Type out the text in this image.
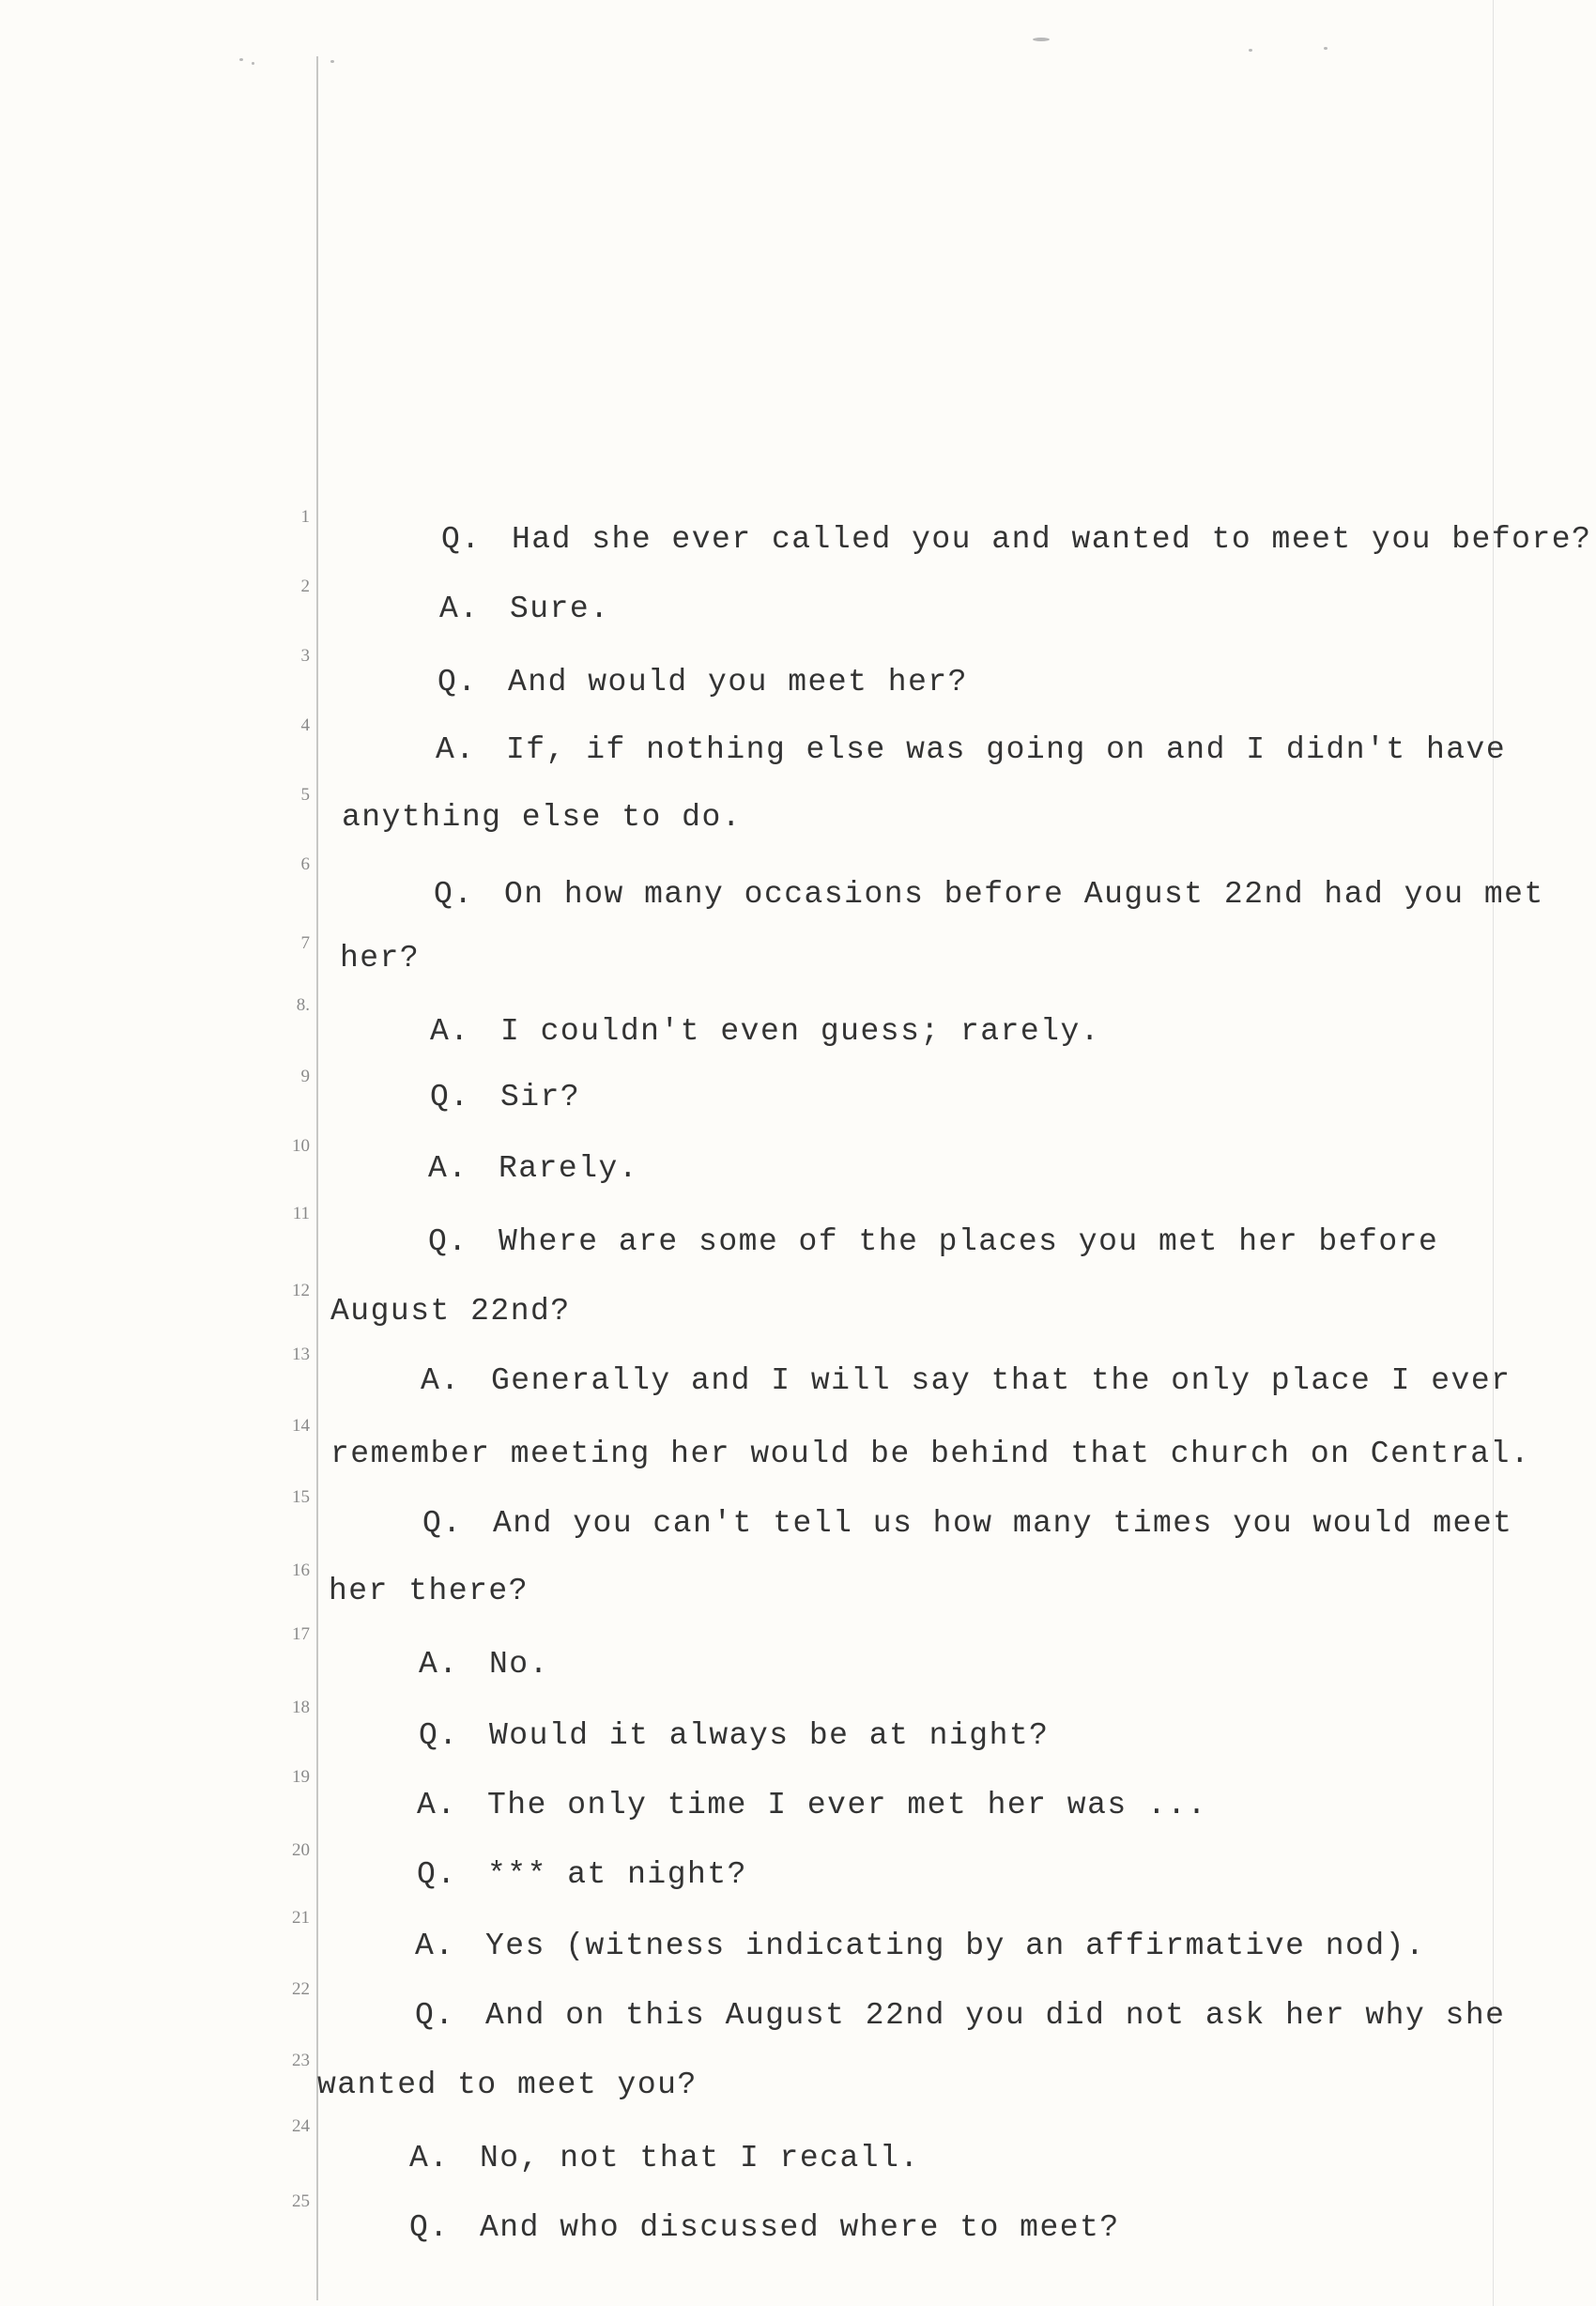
1
Q. Had she ever called you and wanted to meet you before?
2
A. Sure.
3
Q. And would you meet her?
4
A. If, if nothing else was going on and I didn't have
5
anything else to do.
6
Q. On how many occasions before August 22nd had you met
7 her?
8.
A. I couldn't even guess; rarely.
9
Q. Sir?
10
A. Rarely.
11
Q. Where are some of the places you met her before
12
August 22nd?
13
A. Generally and I will say that the only place I ever
14
remember meeting her would be behind that church on Central.
15
Q. And you can't tell us how many times you would meet
16
her there?
17
A. No.
18
Q. Would it always be at night?
19
A. The only time I ever met her was ...
20
Q. *** at night?
21
A. Yes (witness indicating by an affirmative nod).
22
Q. And on this August 22nd you did not ask her why she
23
wanted to meet you?
24
A. No, not that I recall.
25
Q. And who discussed where to meet?
